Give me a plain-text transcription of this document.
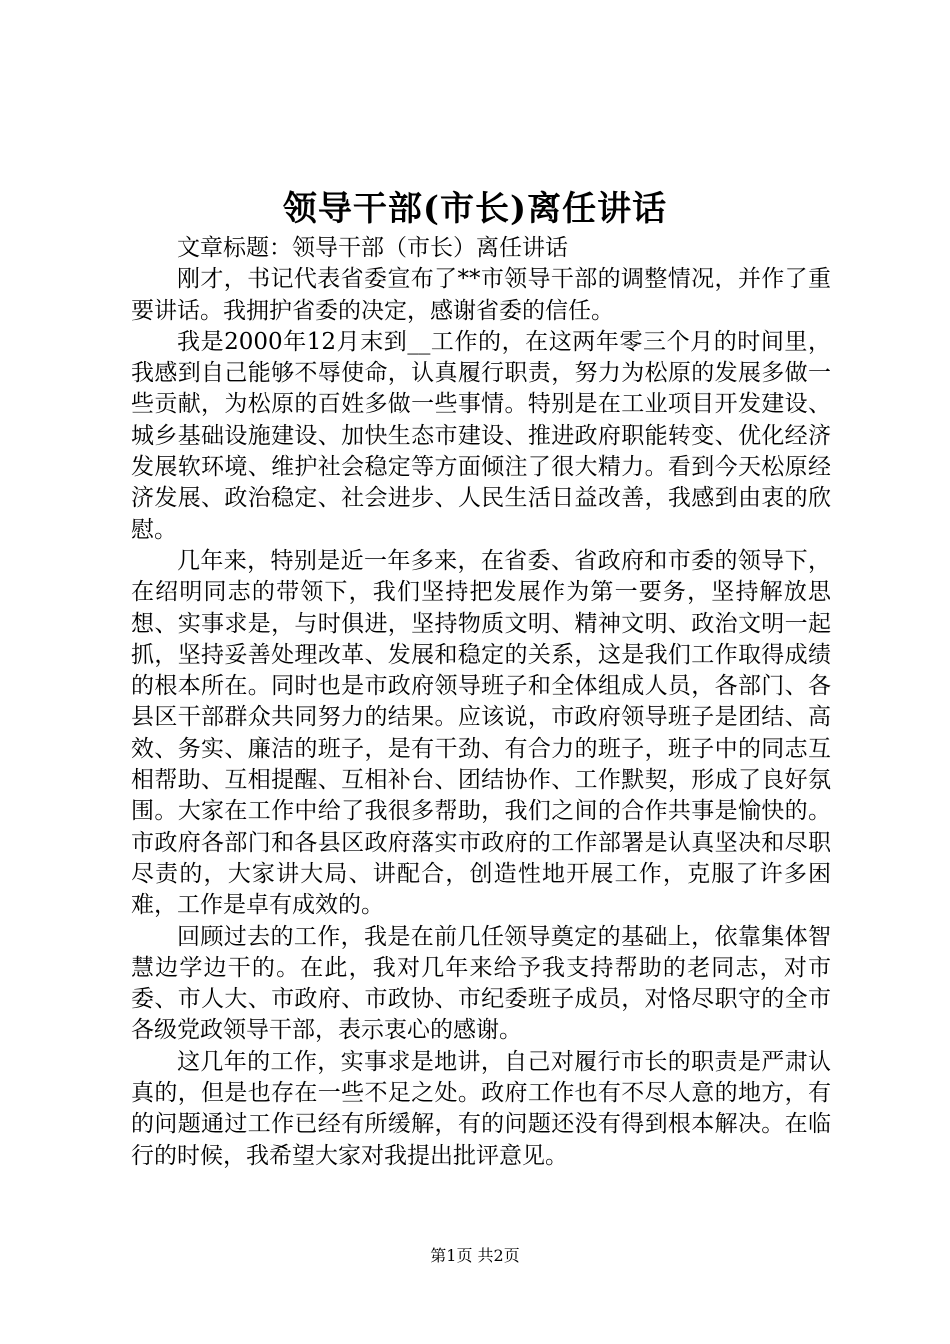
领导干部(市长)离任讲话

文章标题：领导干部（市长）离任讲话

刚才，书记代表省委宣布了**市领导干部的调整情况，并作了重要讲话。我拥护省委的决定，感谢省委的信任。

我是2000年12月末到__工作的，在这两年零三个月的时间里，我感到自己能够不辱使命，认真履行职责，努力为松原的发展多做一些贡献，为松原的百姓多做一些事情。特别是在工业项目开发建设、城乡基础设施建设、加快生态市建设、推进政府职能转变、优化经济发展软环境、维护社会稳定等方面倾注了很大精力。看到今天松原经济发展、政治稳定、社会进步、人民生活日益改善，我感到由衷的欣慰。

几年来，特别是近一年多来，在省委、省政府和市委的领导下，在绍明同志的带领下，我们坚持把发展作为第一要务，坚持解放思想、实事求是，与时俱进，坚持物质文明、精神文明、政治文明一起抓，坚持妥善处理改革、发展和稳定的关系，这是我们工作取得成绩的根本所在。同时也是市政府领导班子和全体组成人员，各部门、各县区干部群众共同努力的结果。应该说，市政府领导班子是团结、高效、务实、廉洁的班子，是有干劲、有合力的班子，班子中的同志互相帮助、互相提醒、互相补台、团结协作、工作默契，形成了良好氛围。大家在工作中给了我很多帮助，我们之间的合作共事是愉快的。市政府各部门和各县区政府落实市政府的工作部署是认真坚决和尽职尽责的，大家讲大局、讲配合，创造性地开展工作，克服了许多困难，工作是卓有成效的。

回顾过去的工作，我是在前几任领导奠定的基础上，依靠集体智慧边学边干的。在此，我对几年来给予我支持帮助的老同志，对市委、市人大、市政府、市政协、市纪委班子成员，对恪尽职守的全市各级党政领导干部，表示衷心的感谢。

这几年的工作，实事求是地讲，自己对履行市长的职责是严肃认真的，但是也存在一些不足之处。政府工作也有不尽人意的地方，有的问题通过工作已经有所缓解，有的问题还没有得到根本解决。在临行的时候，我希望大家对我提出批评意见。

第1页 共2页
